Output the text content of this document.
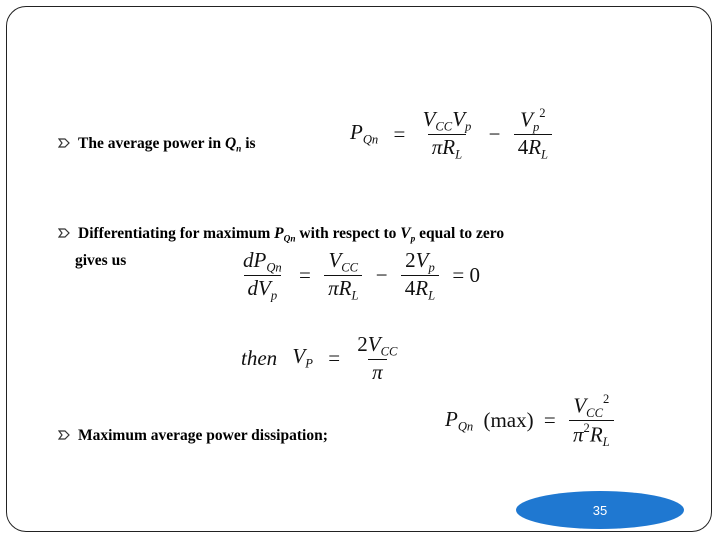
The average power in $Q_n$ is	$P_{Qn} = \frac{V_{CC}V_p}{\pi R_L} - \frac{V_p^2}{4R_L}$
Differentiating for maximum $P_{Qn}$ with respect to $V_p$ equal to zero
gives us	$\frac{dP_{Qn}}{dV_p} = \frac{V_{CC}}{\pi R_L} - \frac{2V_p}{4R_L} = 0$
then $V_P = \frac{2V_{CC}}{\pi}$
Maximum average power dissipation;
$P_{Qn}$ $(\max) = \frac{V_{CC}^2}{\pi^2R_L}$
35
